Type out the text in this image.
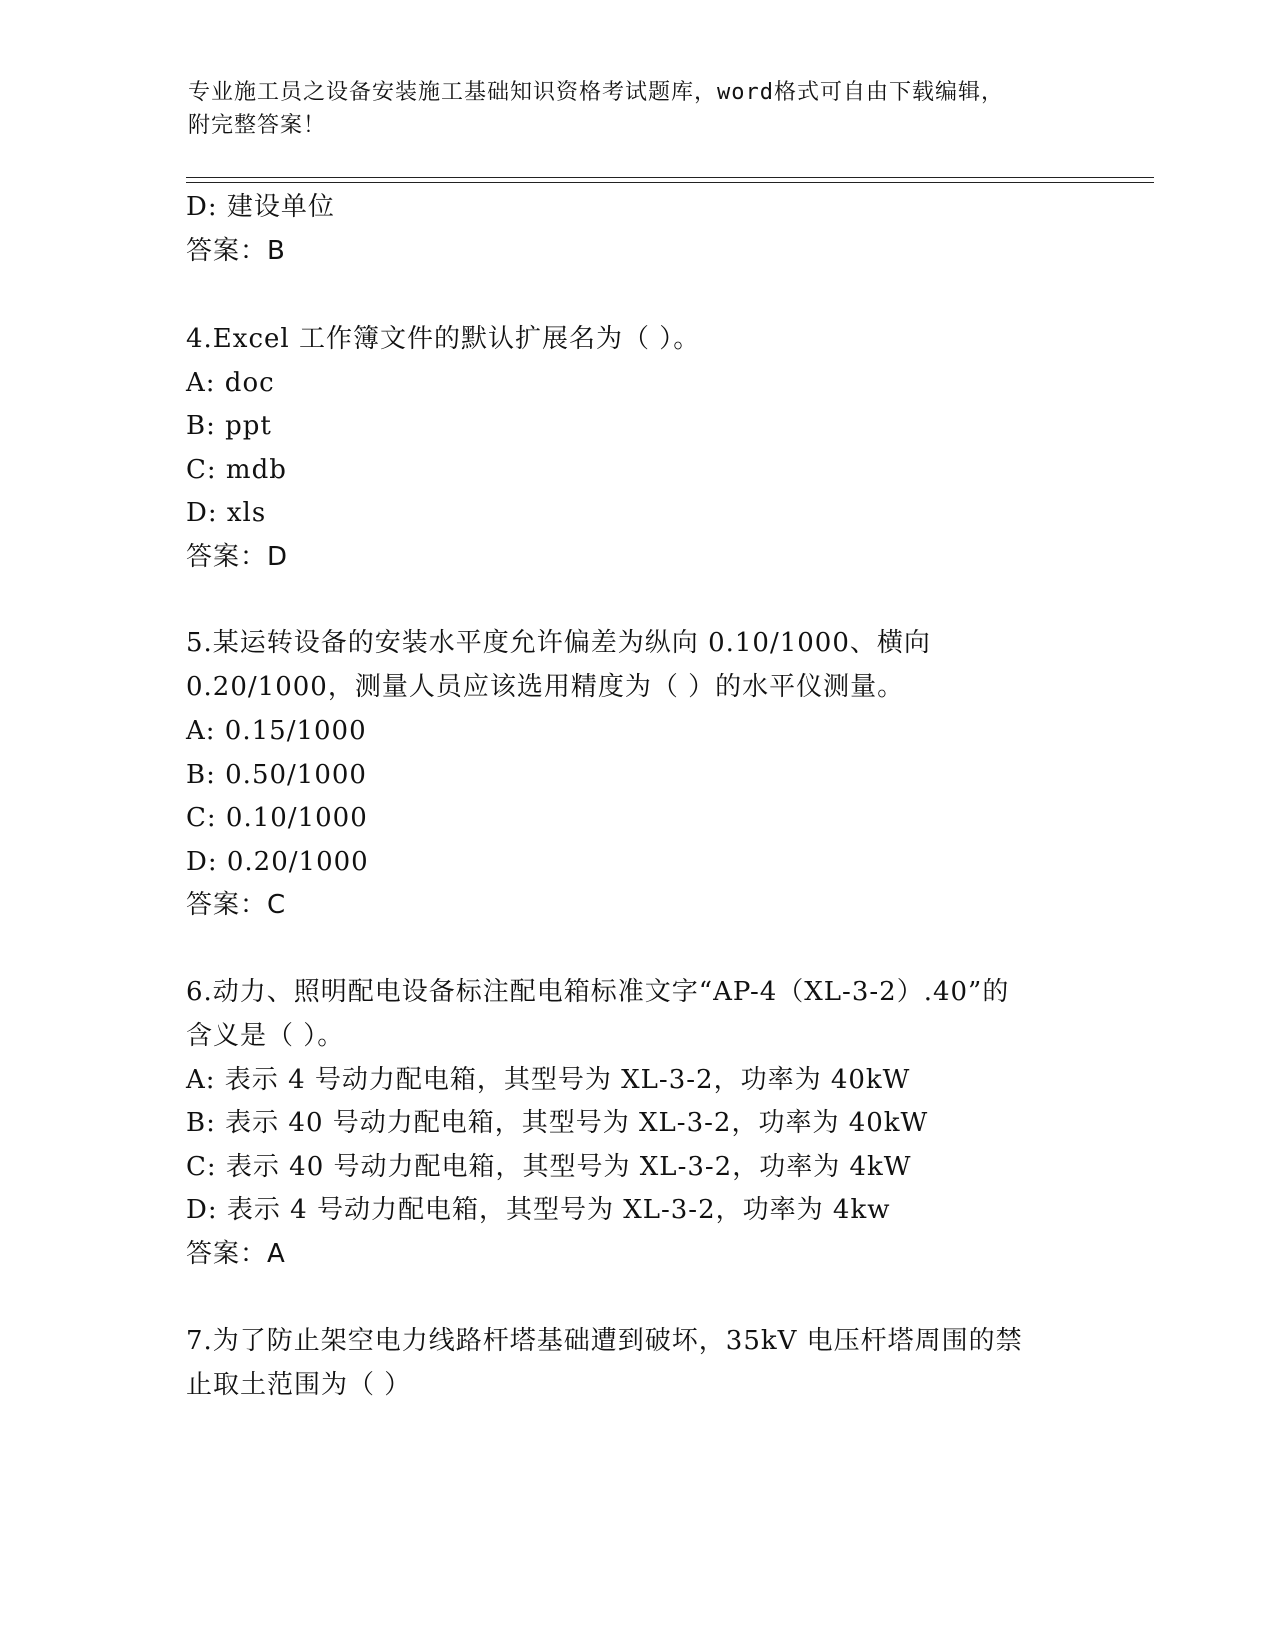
专业施工员之设备安装施工基础知识资格考试题库，word格式可自由下载编辑，
附完整答案！
D: 建设单位
答案：B
4.Excel 工作簿文件的默认扩展名为（ ）。
A: doc
B: ppt
C: mdb
D: xls
答案：D
5.某运转设备的安装水平度允许偏差为纵向 0.10/1000、横向
0.20/1000，测量人员应该选用精度为（ ）的水平仪测量。
A: 0.15/1000
B: 0.50/1000
C: 0.10/1000
D: 0.20/1000
答案：C
6.动力、照明配电设备标注配电箱标准文字“AP-4（XL-3-2）.40”的
含义是（ ）。
A: 表示 4 号动力配电箱，其型号为 XL-3-2，功率为 40kW
B: 表示 40 号动力配电箱，其型号为 XL-3-2，功率为 40kW
C: 表示 40 号动力配电箱，其型号为 XL-3-2，功率为 4kW
D: 表示 4 号动力配电箱，其型号为 XL-3-2，功率为 4kw
答案：A
7.为了防止架空电力线路杆塔基础遭到破坏，35kV 电压杆塔周围的禁
止取土范围为（ ）
